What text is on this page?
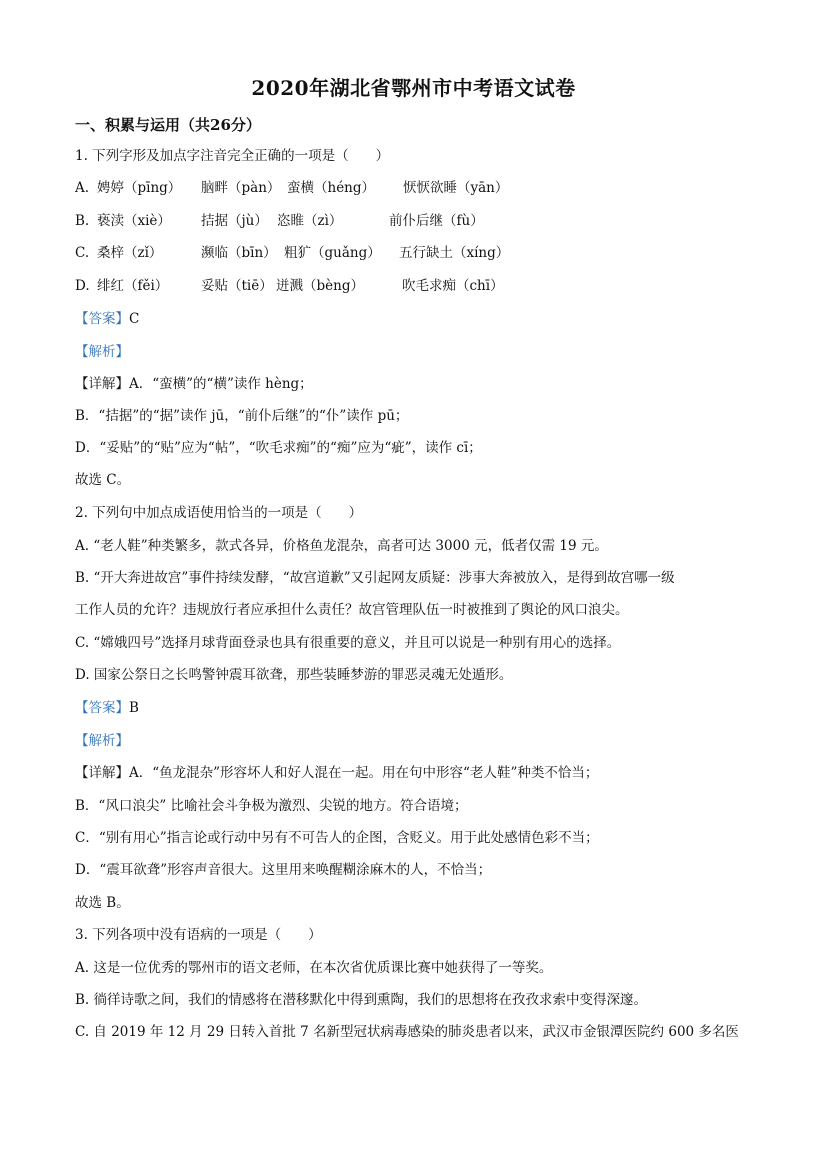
2020年湖北省鄂州市中考语文试卷
一、积累与运用（共26分）
1. 下列字形及加点字注音完全正确的一项是（　　）
A. 娉婷（pīng） 脑畔（pàn） 蛮横（héng） 恹恹欲睡（yān）
B. 亵渎（xiè） 拮据（jù） 恣睢（zì）	前仆后继（fù）
C. 桑梓（zǐ）	濒临（bīn） 粗犷（guǎng） 五行缺土（xíng）
D. 绯红（fěi） 妥贴（tiē） 迸溅（bèng）	吹毛求痴（chī）
【答案】C
【解析】
【详解】A．“蛮横”的“横”读作 hèng；
B．“拮据”的“据”读作 jū，“前仆后继”的“仆”读作 pū；
D．“妥贴”的“贴”应为“帖”，“吹毛求痴”的“痴”应为“疵”，读作 cī；
故选 C。
2. 下列句中加点成语使用恰当的一项是（　　）
A. “老人鞋”种类繁多，款式各异，价格鱼龙混杂，高者可达 3000 元，低者仅需 19 元。
B. “开大奔进故宫”事件持续发酵，“故宫道歉”又引起网友质疑：涉事大奔被放入，是得到故宫哪一级
工作人员的允许？违规放行者应承担什么责任？故宫管理队伍一时被推到了舆论的风口浪尖。
C. “嫦娥四号”选择月球背面登录也具有很重要的意义，并且可以说是一种别有用心的选择。
D. 国家公祭日之长鸣警钟震耳欲聋，那些装睡梦游的罪恶灵魂无处遁形。
【答案】B
【解析】
【详解】A．“鱼龙混杂”形容坏人和好人混在一起。用在句中形容“老人鞋”种类不恰当；
B．“风口浪尖” 比喻社会斗争极为激烈、尖锐的地方。符合语境；
C．“别有用心”指言论或行动中另有不可告人的企图，含贬义。用于此处感情色彩不当；
D．“震耳欲聋”形容声音很大。这里用来唤醒糊涂麻木的人，不恰当；
故选 B。
3. 下列各项中没有语病的一项是（　　）
A. 这是一位优秀的鄂州市的语文老师，在本次省优质课比赛中她获得了一等奖。
B. 徜徉诗歌之间，我们的情感将在潜移默化中得到熏陶，我们的思想将在孜孜求索中变得深邃。
C. 自 2019 年 12 月 29 日转入首批 7 名新型冠状病毒感染的肺炎患者以来，武汉市金银潭医院约 600 多名医
